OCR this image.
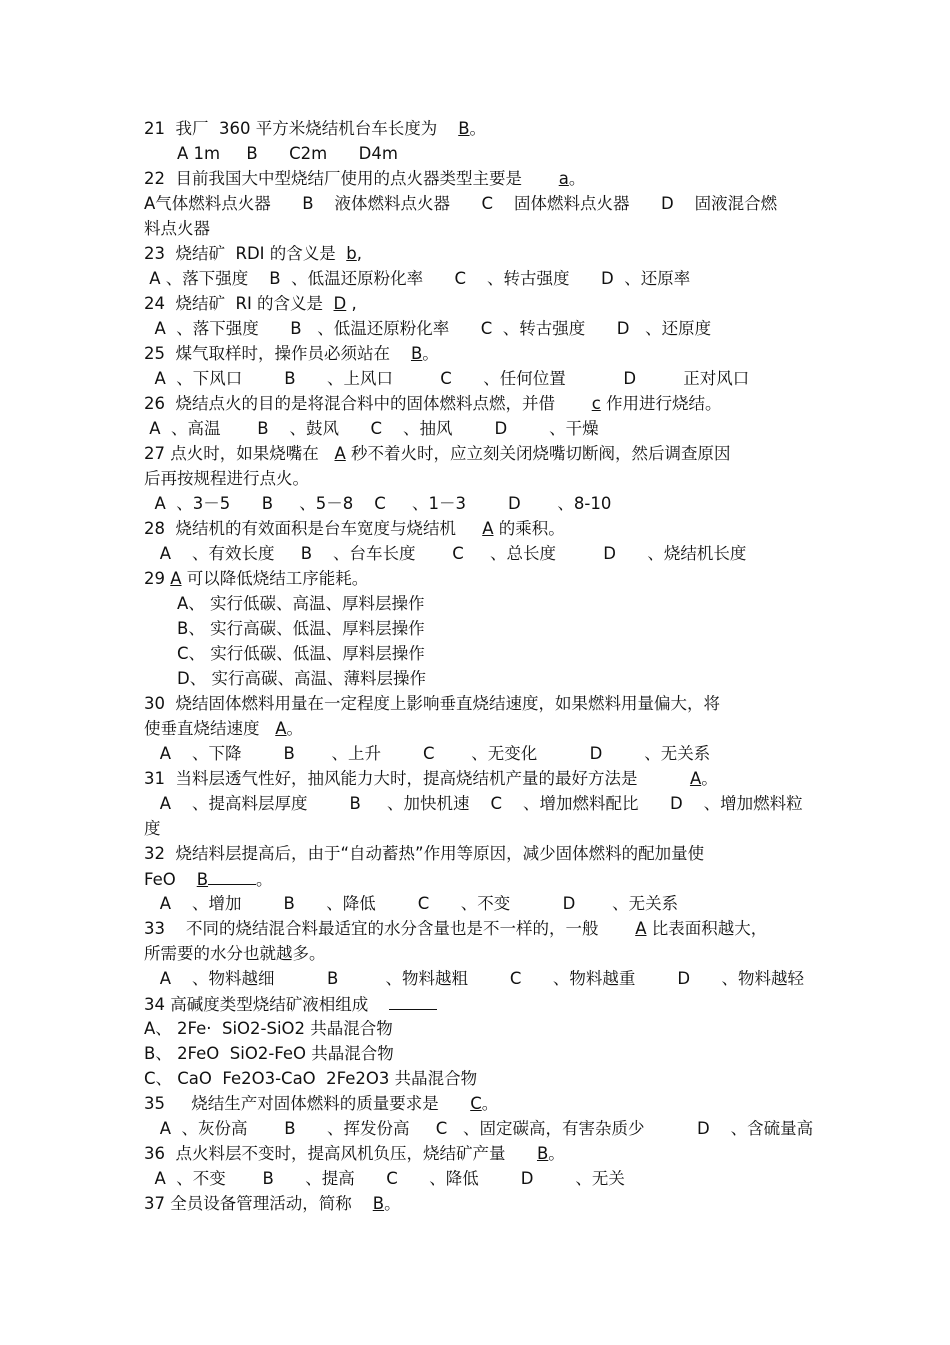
21  我厂  360 平方米烧结机台车长度为    B。
A 1m     B      C2m      D4m
22  目前我国大中型烧结厂使用的点火器类型主要是       a。
A气体燃料点火器      B    液体燃料点火器      C    固体燃料点火器      D    固液混合燃
料点火器
23  烧结矿  RDI 的含义是  b,
A 、落下强度    B  、低温还原粉化率      C    、转古强度      D  、还原率
24  烧结矿  RI 的含义是  D ,
A  、落下强度      B   、低温还原粉化率      C  、转古强度      D   、还原度
25  煤气取样时，操作员必须站在    B。
A  、下风口        B      、上风口         C      、任何位置           D         正对风口
26  烧结点火的目的是将混合料中的固体燃料点燃，并借       c 作用进行烧结。
A  、高温       B    、鼓风      C    、抽风        D        、干燥
27 点火时，如果烧嘴在   A 秒不着火时，应立刻关闭烧嘴切断阀，然后调查原因
后再按规程进行点火。
A  、3－5      B     、5－8    C     、1－3        D       、8-10
28  烧结机的有效面积是台车宽度与烧结机     A 的乘积。
A    、有效长度     B    、台车长度       C     、总长度         D      、烧结机长度
29 A 可以降低烧结工序能耗。
A、 实行低碳、高温、厚料层操作
B、 实行高碳、低温、厚料层操作
C、 实行低碳、低温、厚料层操作
D、 实行高碳、高温、薄料层操作
30  烧结固体燃料用量在一定程度上影响垂直烧结速度，如果燃料用量偏大，将
使垂直烧结速度   A。
A    、下降        B       、上升        C       、无变化          D        、无关系
31  当料层透气性好，抽风能力大时，提高烧结机产量的最好方法是          A。
A    、提高料层厚度        B     、加快机速    C    、增加燃料配比      D    、增加燃料粒
度
32  烧结料层提高后，由于“自动蓄热”作用等原因，减少固体燃料的配加量使
FeO    B	。
A    、增加        B      、降低        C      、不变          D       、无关系
33    不同的烧结混合料最适宜的水分含量也是不一样的，一般       A 比表面积越大，
所需要的水分也就越多。
A    、物料越细          B         、物料越粗        C      、物料越重        D      、物料越轻
34 高碱度类型烧结矿液相组成
A、 2Fe·  SiO2-SiO2 共晶混合物
B、 2FeO  SiO2-FeO 共晶混合物
C、 CaO  Fe2O3-CaO  2Fe2O3 共晶混合物
35     烧结生产对固体燃料的质量要求是      C。
A  、灰份高       B      、挥发份高     C   、固定碳高，有害杂质少          D    、含硫量高
36  点火料层不变时，提高风机负压，烧结矿产量      B。
A  、不变       B      、提高      C      、降低        D        、无关
37 全员设备管理活动，简称    B。
